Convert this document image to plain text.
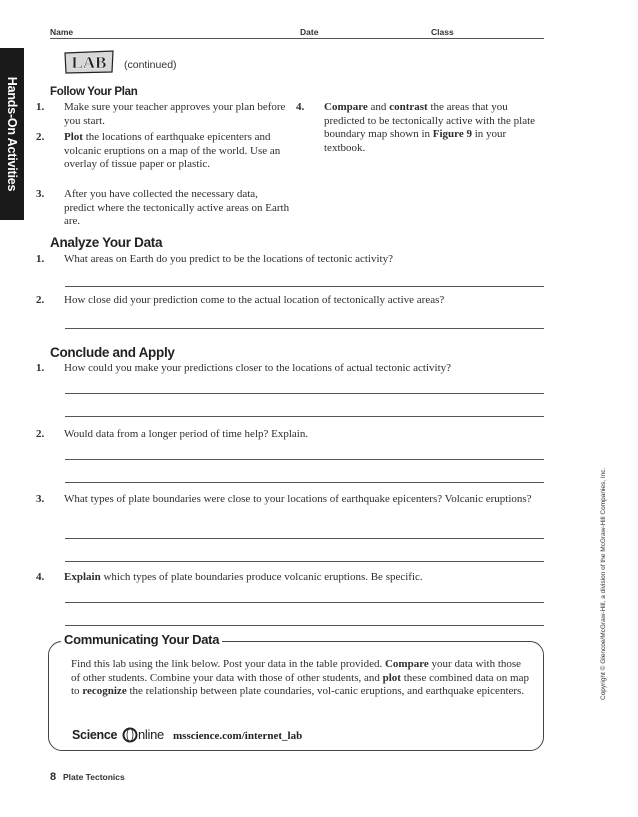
Name	Date	Class
Hands-On Activities
LAB (continued)
Follow Your Plan
1. Make sure your teacher approves your plan before you start.
2. Plot the locations of earthquake epicenters and volcanic eruptions on a map of the world. Use an overlay of tissue paper or plastic.
3. After you have collected the necessary data, predict where the tectonically active areas on Earth are.
4. Compare and contrast the areas that you predicted to be tectonically active with the plate boundary map shown in Figure 9 in your textbook.
Analyze Your Data
1. What areas on Earth do you predict to be the locations of tectonic activity?
2. How close did your prediction come to the actual location of tectonically active areas?
Conclude and Apply
1. How could you make your predictions closer to the locations of actual tectonic activity?
2. Would data from a longer period of time help? Explain.
3. What types of plate boundaries were close to your locations of earthquake epicenters? Volcanic eruptions?
4. Explain which types of plate boundaries produce volcanic eruptions. Be specific.
Communicating Your Data
Find this lab using the link below. Post your data in the table provided. Compare your data with those of other students. Combine your data with those of other students, and plot these combined data on map to recognize the relationship between plate coundaries, vol-canic eruptions, and earthquake epicenters.
Science nline msscience.com/internet_lab
Copyright © Glencoe/McGraw-Hill, a division of the McGraw-Hill Companies, Inc.
8 Plate Tectonics
